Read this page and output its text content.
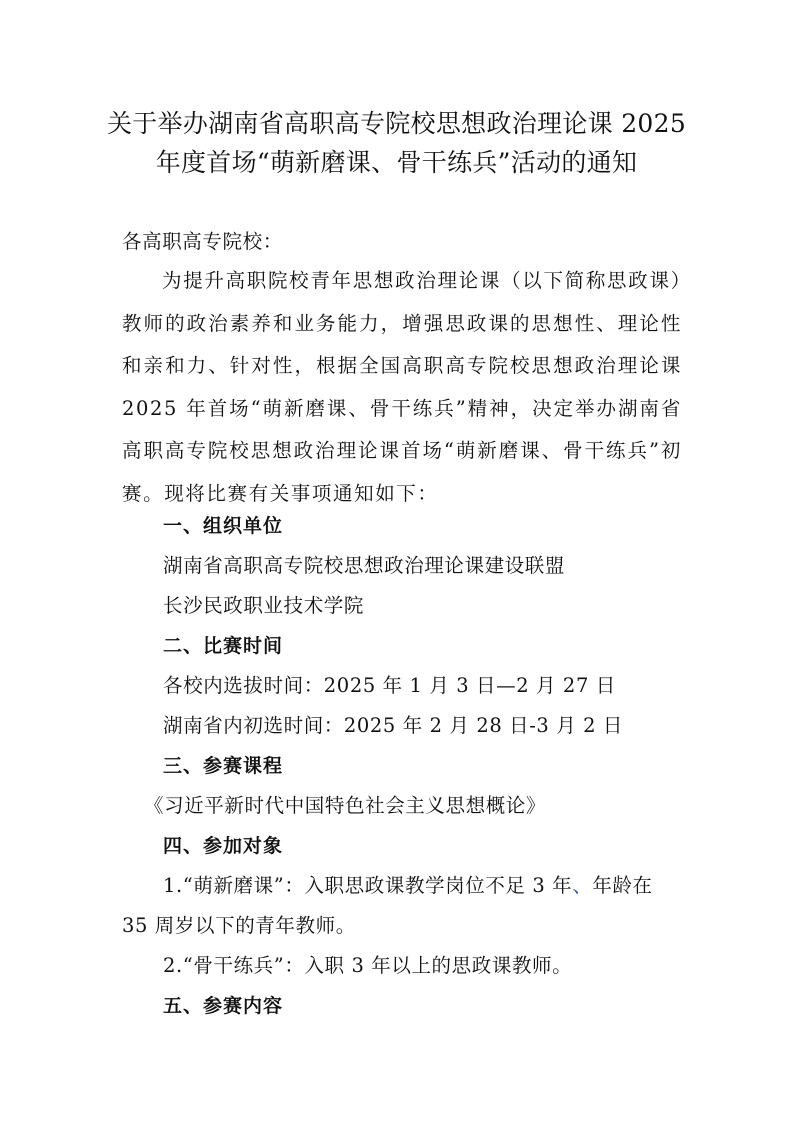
关于举办湖南省高职高专院校思想政治理论课 2025
年度首场“萌新磨课、骨干练兵”活动的通知

各高职高专院校：

为提升高职院校青年思想政治理论课（以下简称思政课）教师的政治素养和业务能力，增强思政课的思想性、理论性和亲和力、针对性，根据全国高职高专院校思想政治理论课 2025 年首场“萌新磨课、骨干练兵”精神，决定举办湖南省高职高专院校思想政治理论课首场“萌新磨课、骨干练兵”初赛。现将比赛有关事项通知如下：

一、组织单位

湖南省高职高专院校思想政治理论课建设联盟

长沙民政职业技术学院

二、比赛时间

各校内选拔时间：2025 年 1 月 3 日—2 月 27 日

湖南省内初选时间：2025 年 2 月 28 日-3 月 2 日

三、参赛课程

《习近平新时代中国特色社会主义思想概论》

四、参加对象

1.“萌新磨课”：入职思政课教学岗位不足 3 年、年龄在

35 周岁以下的青年教师。

2.“骨干练兵”：入职 3 年以上的思政课教师。

五、参赛内容
